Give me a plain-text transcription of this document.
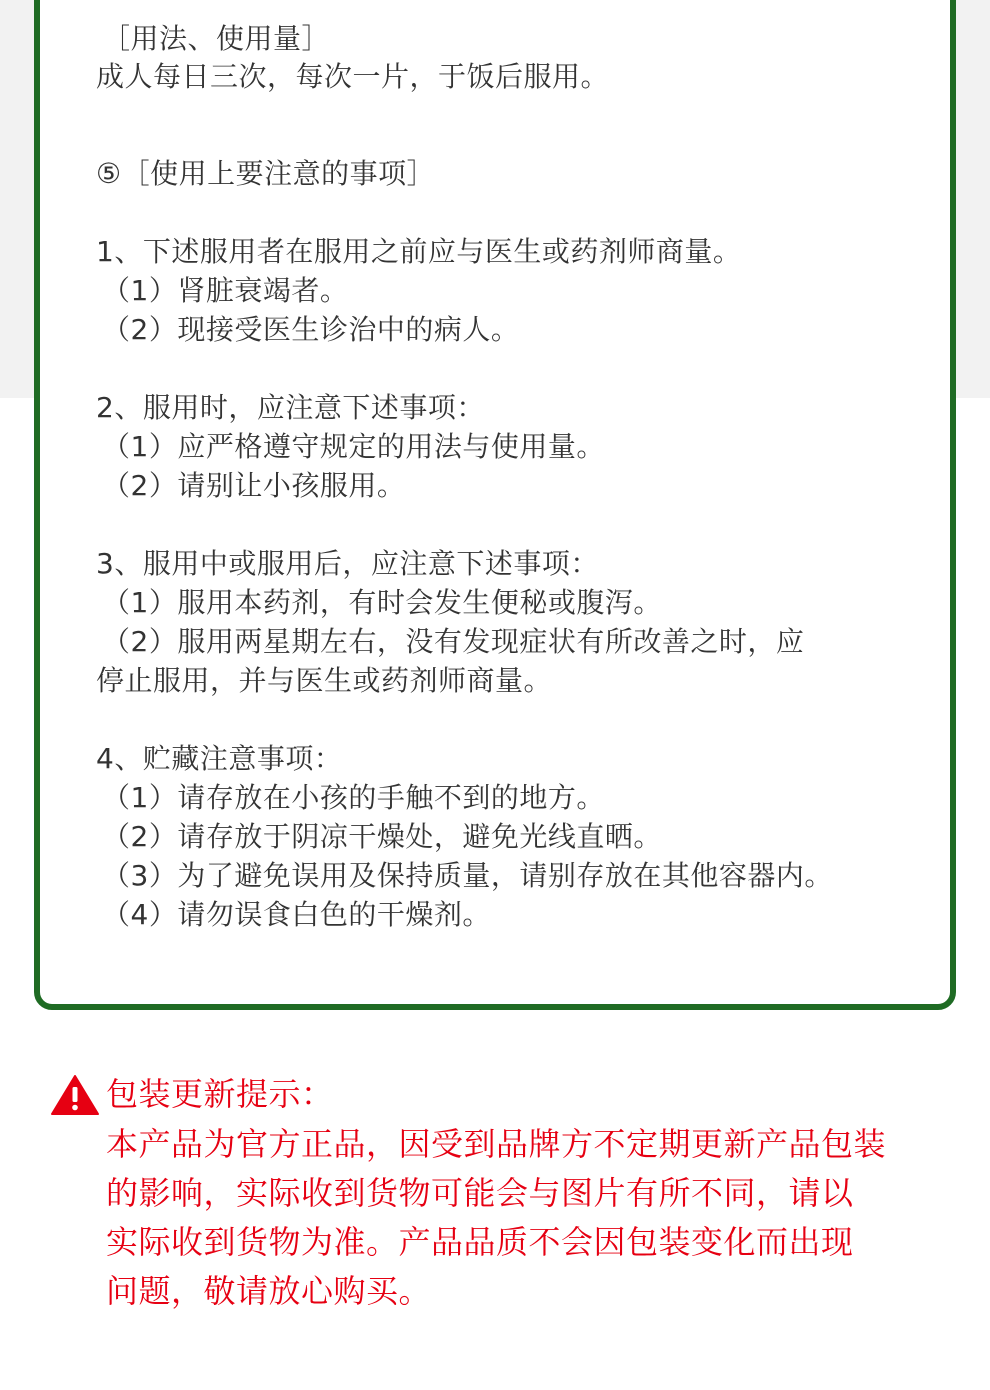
［用法、使用量］
成人每日三次，每次一片，于饭后服用。
⑤［使用上要注意的事项］
1、下述服用者在服用之前应与医生或药剂师商量。
（1）肾脏衰竭者。
（2）现接受医生诊治中的病人。
2、服用时，应注意下述事项：
（1）应严格遵守规定的用法与使用量。
（2）请别让小孩服用。
3、服用中或服用后，应注意下述事项：
（1）服用本药剂，有时会发生便秘或腹泻。
（2）服用两星期左右，没有发现症状有所改善之时，应
停止服用，并与医生或药剂师商量。
4、贮藏注意事项：
（1）请存放在小孩的手触不到的地方。
（2）请存放于阴凉干燥处，避免光线直晒。
（3）为了避免误用及保持质量，请别存放在其他容器内。
（4）请勿误食白色的干燥剂。
包装更新提示：
本产品为官方正品，因受到品牌方不定期更新产品包装
的影响，实际收到货物可能会与图片有所不同，请以
实际收到货物为准。产品品质不会因包装变化而出现
问题，敬请放心购买。
